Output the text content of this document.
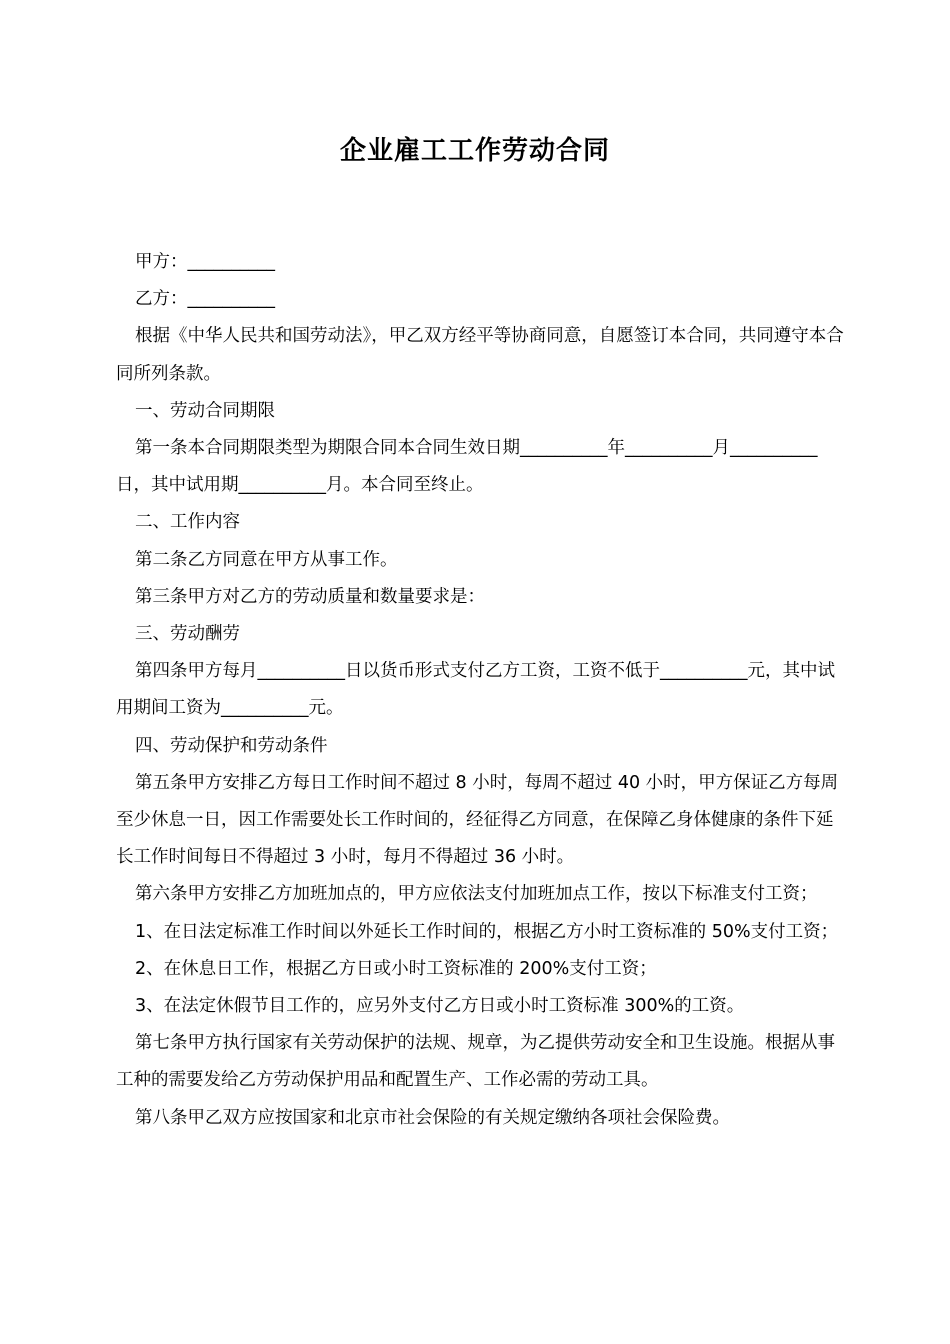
企业雇工工作劳动合同

甲方：__________

乙方：__________

根据《中华人民共和国劳动法》，甲乙双方经平等协商同意，自愿签订本合同，共同遵守本合同所列条款。

一、劳动合同期限

第一条本合同期限类型为期限合同本合同生效日期__________年__________月__________日，其中试用期__________月。本合同至终止。

二、工作内容

第二条乙方同意在甲方从事工作。

第三条甲方对乙方的劳动质量和数量要求是：

三、劳动酬劳

第四条甲方每月__________日以货币形式支付乙方工资，工资不低于__________元，其中试用期间工资为__________元。

四、劳动保护和劳动条件

第五条甲方安排乙方每日工作时间不超过 8 小时，每周不超过 40 小时，甲方保证乙方每周至少休息一日，因工作需要处长工作时间的，经征得乙方同意，在保障乙身体健康的条件下延长工作时间每日不得超过 3 小时，每月不得超过 36 小时。

第六条甲方安排乙方加班加点的，甲方应依法支付加班加点工作，按以下标准支付工资；

1、在日法定标准工作时间以外延长工作时间的，根据乙方小时工资标准的 50%支付工资；

2、在休息日工作，根据乙方日或小时工资标准的 200%支付工资；

3、在法定休假节目工作的，应另外支付乙方日或小时工资标准 300%的工资。

第七条甲方执行国家有关劳动保护的法规、规章，为乙提供劳动安全和卫生设施。根据从事工种的需要发给乙方劳动保护用品和配置生产、工作必需的劳动工具。

第八条甲乙双方应按国家和北京市社会保险的有关规定缴纳各项社会保险费。
